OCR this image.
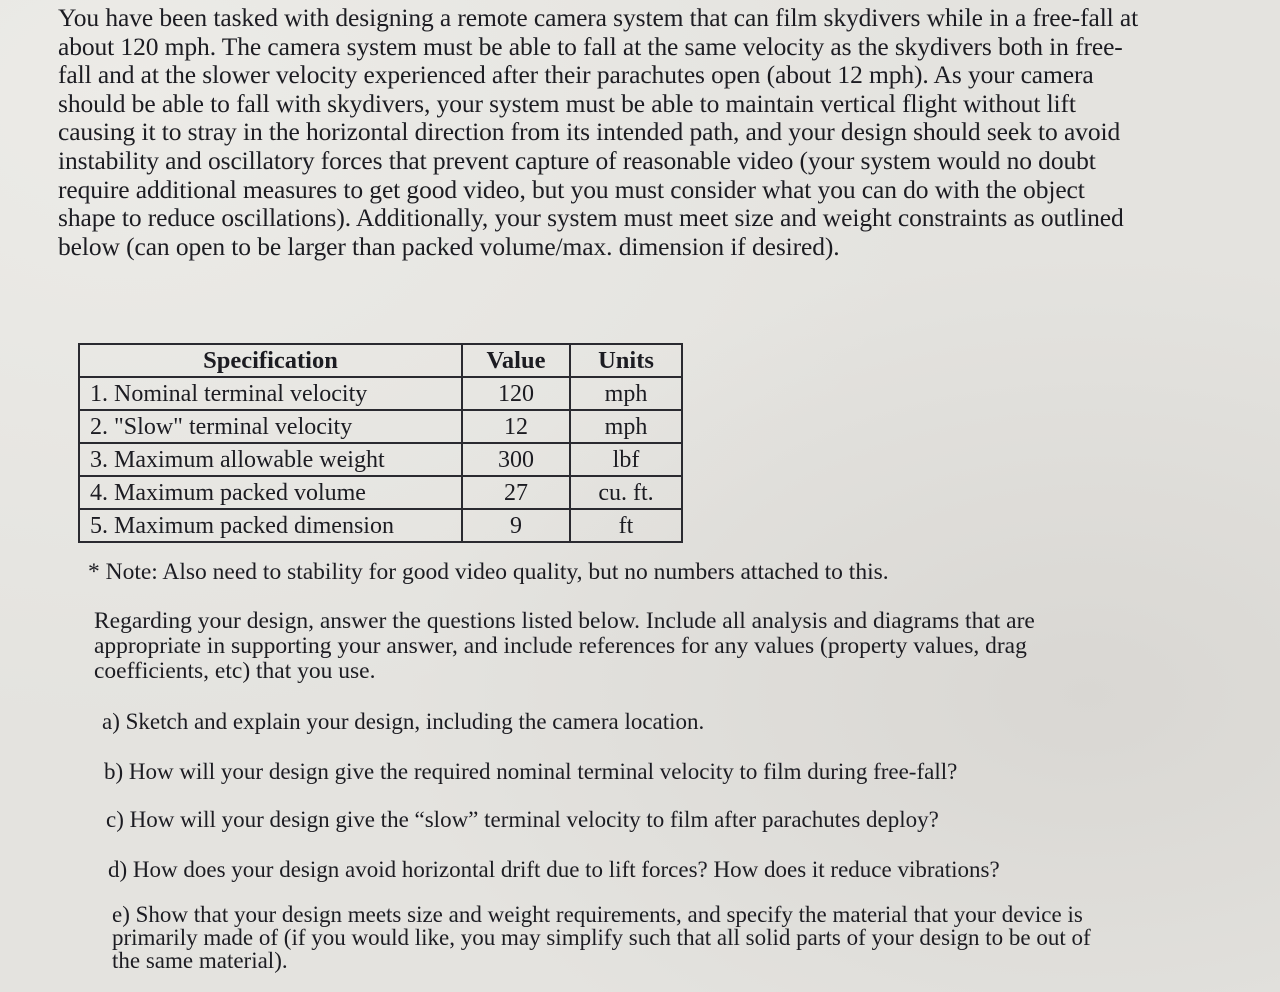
You have been tasked with designing a remote camera system that can film skydivers while in a free-fall at about 120 mph. The camera system must be able to fall at the same velocity as the skydivers both in free-fall and at the slower velocity experienced after their parachutes open (about 12 mph). As your camera should be able to fall with skydivers, your system must be able to maintain vertical flight without lift causing it to stray in the horizontal direction from its intended path, and your design should seek to avoid instability and oscillatory forces that prevent capture of reasonable video (your system would no doubt require additional measures to get good video, but you must consider what you can do with the object shape to reduce oscillations). Additionally, your system must meet size and weight constraints as outlined below (can open to be larger than packed volume/max. dimension if desired).

Specification	Value	Units
1. Nominal terminal velocity	120	mph
2. "Slow" terminal velocity	12	mph
3. Maximum allowable weight	300	lbf
4. Maximum packed volume	27	cu. ft.
5. Maximum packed dimension	9	ft

* Note: Also need to stability for good video quality, but no numbers attached to this.

Regarding your design, answer the questions listed below. Include all analysis and diagrams that are appropriate in supporting your answer, and include references for any values (property values, drag coefficients, etc) that you use.

a) Sketch and explain your design, including the camera location.

b) How will your design give the required nominal terminal velocity to film during free-fall?

c) How will your design give the “slow” terminal velocity to film after parachutes deploy?

d) How does your design avoid horizontal drift due to lift forces? How does it reduce vibrations?

e) Show that your design meets size and weight requirements, and specify the material that your device is primarily made of (if you would like, you may simplify such that all solid parts of your design to be out of the same material).
